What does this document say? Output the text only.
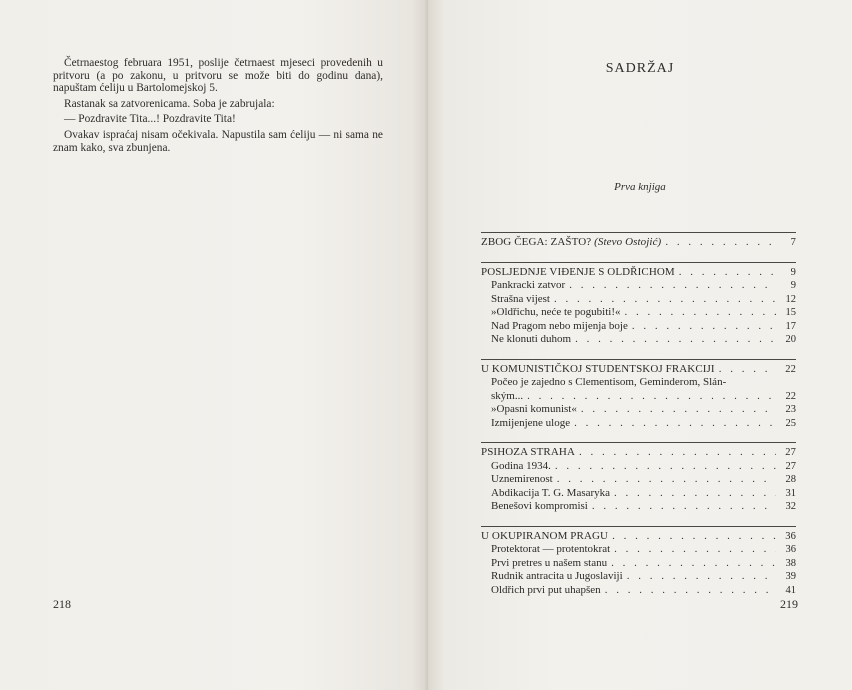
Četrnaestog februara 1951, poslije četrnaest mjeseci provedenih u pritvoru (a po zakonu, u pritvoru se može biti do godinu dana), napuštam ćeliju u Bartolomejskoj 5.

Rastanak sa zatvorenicama. Soba je zabrujala:

— Pozdravite Tita...! Pozdravite Tita!

Ovakav ispraćaj nisam očekivala. Napustila sam ćeliju — ni sama ne znam kako, sva zbunjena.

218
SADRŽAJ
Prva knjiga
ZBOG ČEGA: ZAŠTO? (Stevo Ostojić) . . .	7
POSLJEDNJE VIĐENJE S OLDŘICHOM . . .	9
Pankracki zatvor . . .	9
Strašna vijest . . .	12
»Oldřichu, neće te pogubiti!« . . .	15
Nad Pragom nebo mijenja boje . . .	17
Ne klonuti duhom . . .	20
U KOMUNISTIČKOJ STUDENTSKOJ FRAKCIJI . . .	22
Počeo je zajedno s Clementisom, Geminderom, Slán-
ským... . . .	22
»Opasni komunist« . . .	23
Izmijenjene uloge . . .	25
PSIHOZA STRAHA . . .	27
Godina 1934. . . .	27
Uznemirenost . . .	28
Abdikacija T. G. Masaryka . . .	31
Benešovi kompromisi . . .	32
U OKUPIRANOM PRAGU . . .	36
Protektorat — protentokrat . . .	36
Prvi pretres u našem stanu . . .	38
Rudnik antracita u Jugoslaviji . . .	39
Oldřich prvi put uhapšen . . .	41
219
